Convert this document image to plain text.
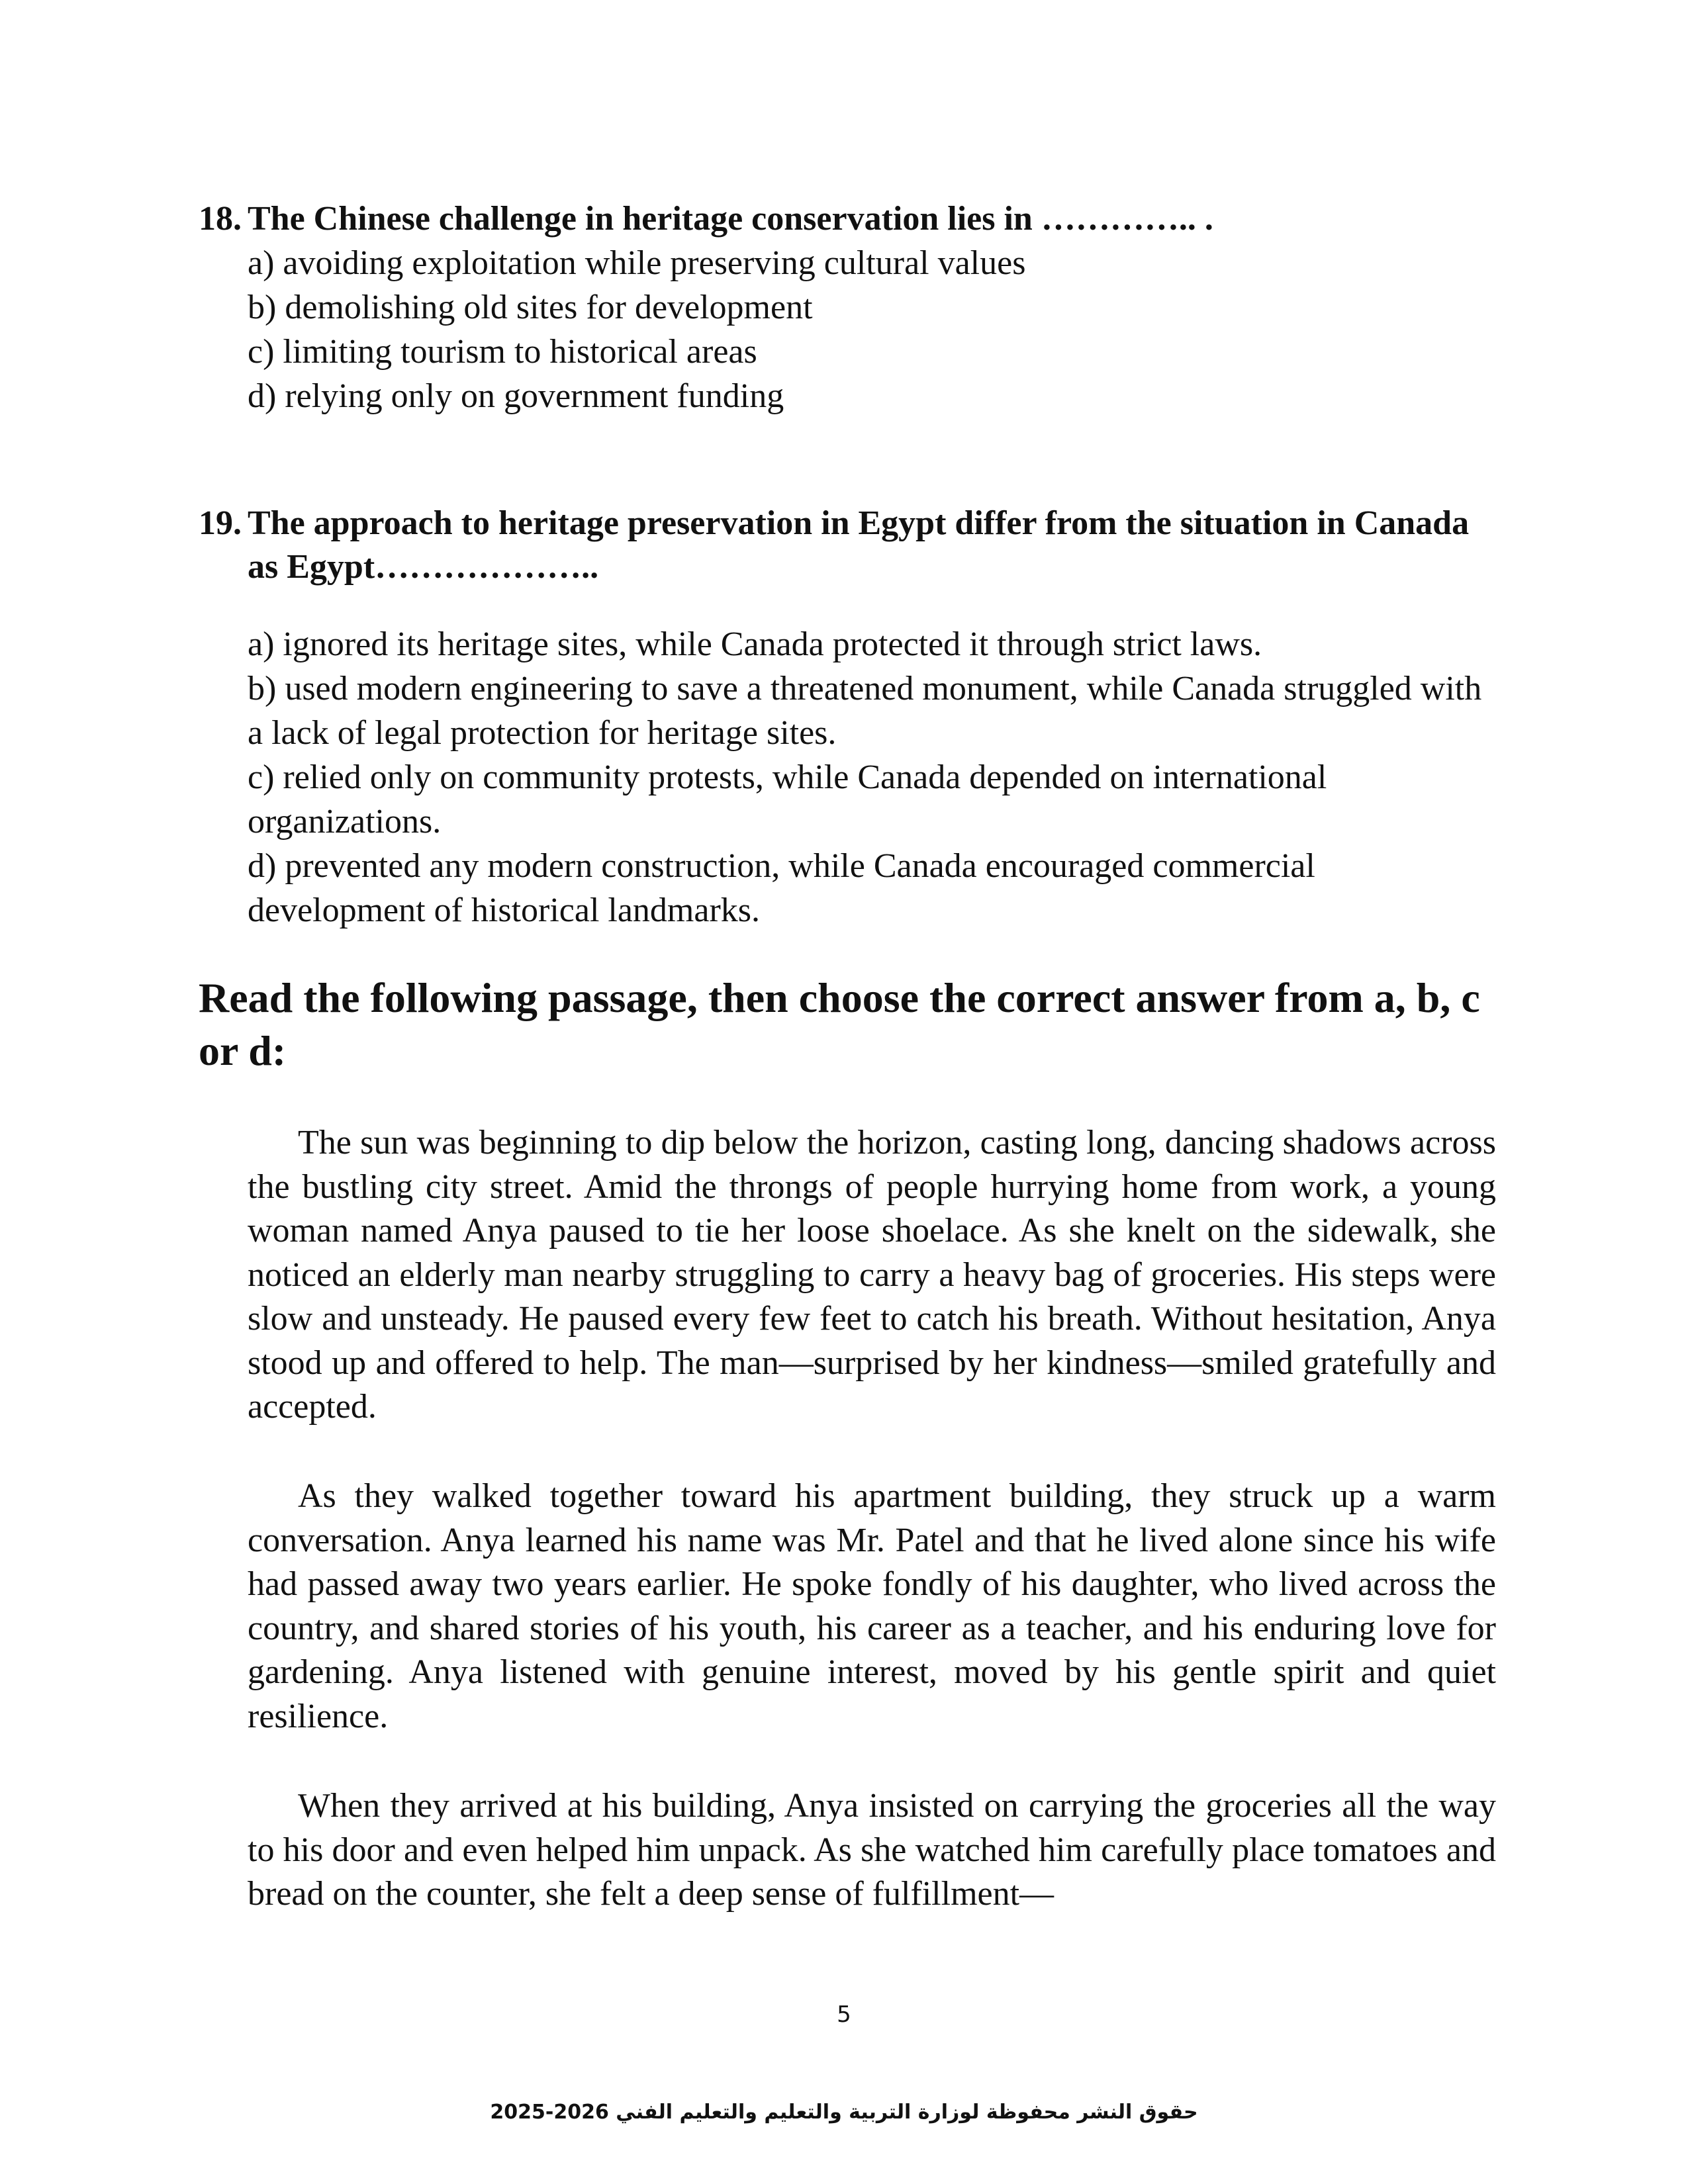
18. The Chinese challenge in heritage conservation lies in ………….. .
a) avoiding exploitation while preserving cultural values
b) demolishing old sites for development
c) limiting tourism to historical areas
d) relying only on government funding
19. The approach to heritage preservation in Egypt differ from the situation in Canada as Egypt………………..
a) ignored its heritage sites, while Canada protected it through strict laws.
b) used modern engineering to save a threatened monument, while Canada struggled with a lack of legal protection for heritage sites.
c) relied only on community protests, while Canada depended on international organizations.
d) prevented any modern construction, while Canada encouraged commercial development of historical landmarks.
Read the following passage, then choose the correct answer from a, b, c or d:

The sun was beginning to dip below the horizon, casting long, dancing shadows across the bustling city street. Amid the throngs of people hurrying home from work, a young woman named Anya paused to tie her loose shoelace. As she knelt on the sidewalk, she noticed an elderly man nearby struggling to carry a heavy bag of groceries. His steps were slow and unsteady. He paused every few feet to catch his breath. Without hesitation, Anya stood up and offered to help. The man—surprised by her kindness—smiled gratefully and accepted.

As they walked together toward his apartment building, they struck up a warm conversation. Anya learned his name was Mr. Patel and that he lived alone since his wife had passed away two years earlier. He spoke fondly of his daughter, who lived across the country, and shared stories of his youth, his career as a teacher, and his enduring love for gardening. Anya listened with genuine interest, moved by his gentle spirit and quiet resilience.

When they arrived at his building, Anya insisted on carrying the groceries all the way to his door and even helped him unpack. As she watched him carefully place tomatoes and bread on the counter, she felt a deep sense of fulfillment—

5
حقوق النشر محفوظة لوزارة التربية والتعليم والتعليم الفني 2026-2025
